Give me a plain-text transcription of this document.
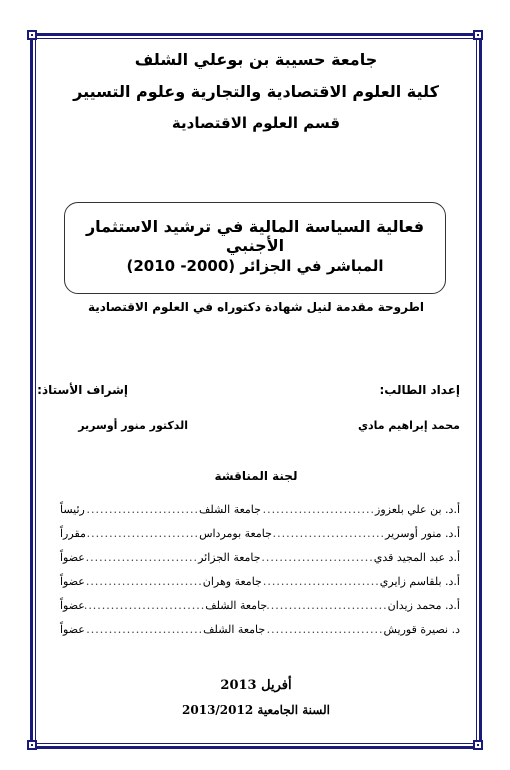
جامعة حسيبة بن بوعلي الشلف
كلية العلوم الاقتصادية والتجارية وعلوم التسيير
قسم العلوم الاقتصادية
فعالية السياسة المالية في ترشيد الاستثمار الأجنبي
المباشر في الجزائر (2000- 2010)
اطروحة مقدمة لنيل شهادة دكتوراه في العلوم الاقتصادية
إعداد الطالب:
إشراف الأستاذ:
محمد إبراهيم مادي
الدكتور منور أوسرير
لجنة المناقشة
أ.د. بن علي بلعزوز
.....
جامعة الشلف
.....
رئيساً
أ.د. منور أوسرير
.....
جامعة بومرداس
.....
مقرراً
أ.د عبد المجيد قدي
.....
جامعة الجزائر
.....
عضواً
أ.د. بلقاسم زايري
.....
جامعة وهران
.....
عضواً
أ.د. محمد زيدان
.....
جامعة الشلف
.....
عضواً
د. نصيرة قوريش
.....
جامعة الشلف
.....
عضواً
أفريل 2013
السنة الجامعية 2013/2012
